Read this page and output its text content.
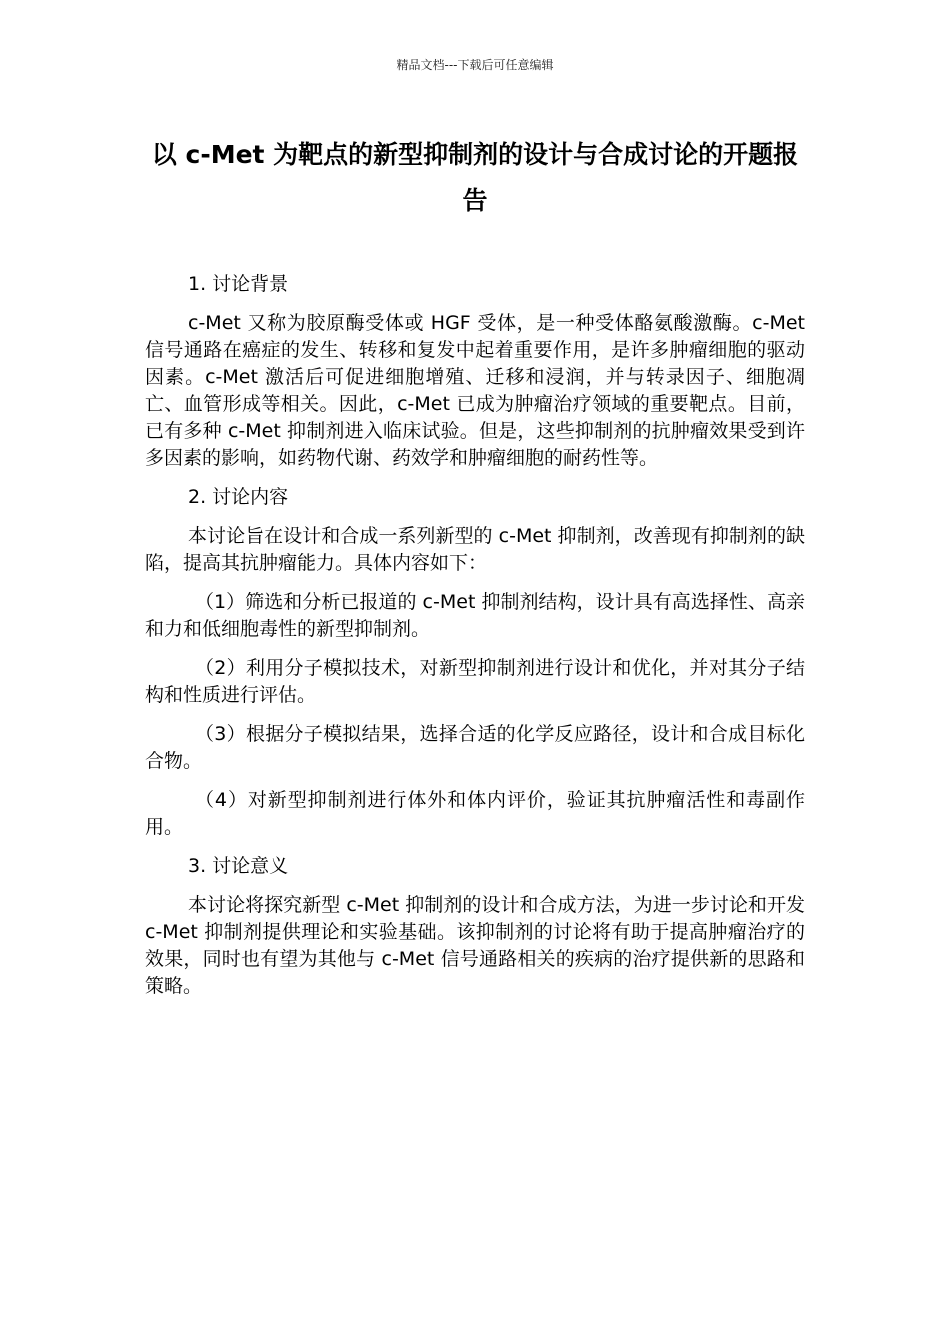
精品文档---下载后可任意编辑
以 c-Met 为靶点的新型抑制剂的设计与合成讨论的开题报告

1. 讨论背景

c-Met 又称为胶原酶受体或 HGF 受体，是一种受体酪氨酸激酶。c-Met 信号通路在癌症的发生、转移和复发中起着重要作用，是许多肿瘤细胞的驱动因素。c-Met 激活后可促进细胞增殖、迁移和浸润，并与转录因子、细胞凋亡、血管形成等相关。因此，c-Met 已成为肿瘤治疗领域的重要靶点。目前，已有多种 c-Met 抑制剂进入临床试验。但是，这些抑制剂的抗肿瘤效果受到许多因素的影响，如药物代谢、药效学和肿瘤细胞的耐药性等。

2. 讨论内容

本讨论旨在设计和合成一系列新型的 c-Met 抑制剂，改善现有抑制剂的缺陷，提高其抗肿瘤能力。具体内容如下：

（1）筛选和分析已报道的 c-Met 抑制剂结构，设计具有高选择性、高亲和力和低细胞毒性的新型抑制剂。

（2）利用分子模拟技术，对新型抑制剂进行设计和优化，并对其分子结构和性质进行评估。

（3）根据分子模拟结果，选择合适的化学反应路径，设计和合成目标化合物。

（4）对新型抑制剂进行体外和体内评价，验证其抗肿瘤活性和毒副作用。

3. 讨论意义

本讨论将探究新型 c-Met 抑制剂的设计和合成方法，为进一步讨论和开发 c-Met 抑制剂提供理论和实验基础。该抑制剂的讨论将有助于提高肿瘤治疗的效果，同时也有望为其他与 c-Met 信号通路相关的疾病的治疗提供新的思路和策略。
